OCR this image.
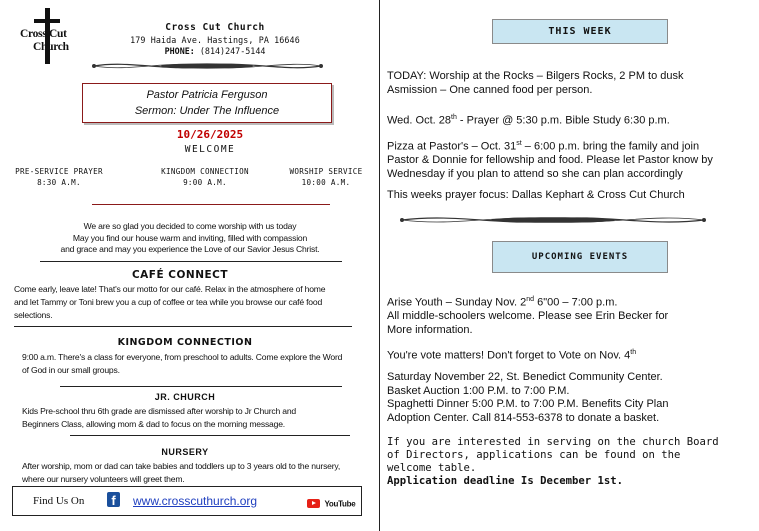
Cross Cut
Church
Cross Cut Church
179 Haida Ave. Hastings, PA 16646
PHONE: (814)247-5144
Pastor Patricia Ferguson
Sermon: Under The Influence
10/26/2025
WELCOME
PRE-SERVICE PRAYER
8:30 A.M.
KINGDOM CONNECTION
9:00 A.M.
WORSHIP SERVICE
10:00 A.M.
We are so glad you decided to come worship with us today
May you find our house warm and inviting, filled with compassion
and grace and may you experience the Love of our Savior Jesus Christ.
CAFÉ CONNECT
Come early, leave late! That's our motto for our café. Relax in the atmosphere of home
and let Tammy or Toni brew you a cup of coffee or tea while you browse our café food
selections.
KINGDOM CONNECTION
9:00 a.m. There's a class for everyone, from preschool to adults. Come explore the Word
of God in our small groups.
JR. CHURCH
Kids Pre-school thru 6th grade are dismissed after worship to Jr Church and
Beginners Class, allowing mom & dad to focus on the morning message.
NURSERY
After worship, mom or dad can take babies and toddlers up to 3 years old to the nursery,
where our nursery volunteers will greet them.
Find Us On	f	www.crosscuthurch.org	YouTube
THIS WEEK
TODAY: Worship at the Rocks – Bilgers Rocks, 2 PM to dusk
Asmission – One canned food per person.
Wed. Oct. 28th - Prayer @ 5:30 p.m. Bible Study 6:30 p.m.
Pizza at Pastor's – Oct. 31st – 6:00 p.m. bring the family and join
Pastor & Donnie for fellowship and food. Please let Pastor know by
Wednesday if you plan to attend so she can plan accordingly
This weeks prayer focus: Dallas Kephart & Cross Cut Church
UPCOMING EVENTS
Arise Youth – Sunday Nov. 2nd 6"00 – 7:00 p.m.
All middle-schoolers welcome. Please see Erin Becker for
More information.
You're vote matters! Don't forget to Vote on Nov. 4th
Saturday November 22, St. Benedict Community Center.
Basket Auction 1:00 P.M. to 7:00 P.M.
Spaghetti Dinner 5:00 P.M. to 7:00 P.M. Benefits City Plan
Adoption Center. Call 814-553-6378 to donate a basket.
If you are interested in serving on the church Board
of Directors, applications can be found on the
welcome table.
Application deadline Is December 1st.
